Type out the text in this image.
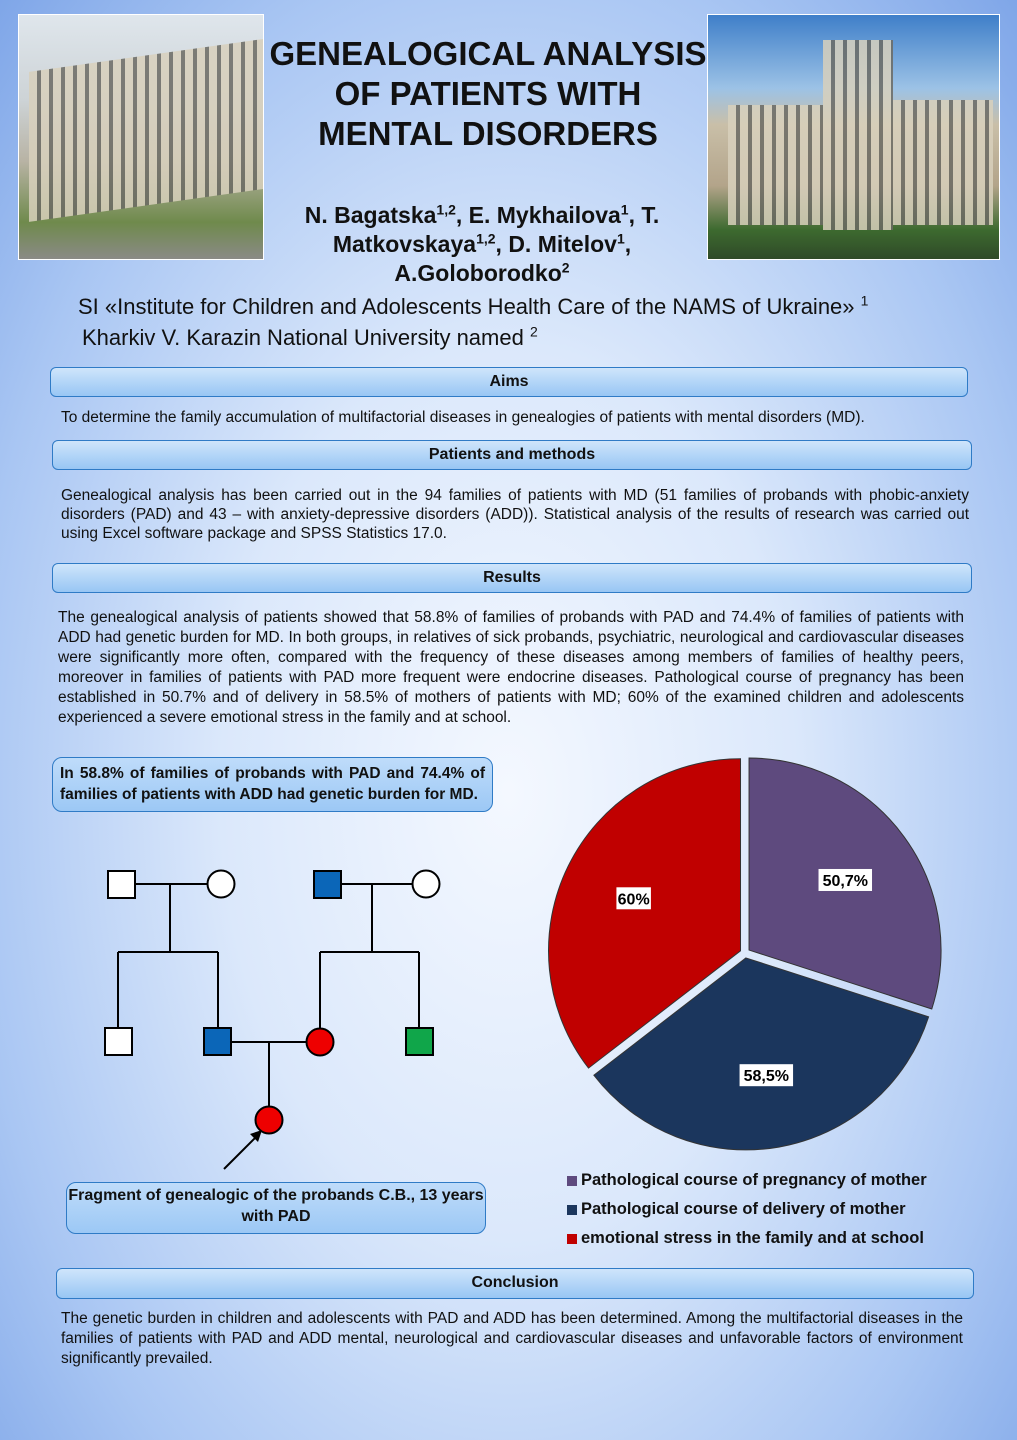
GENEALOGICAL ANALYSIS OF PATIENTS WITH MENTAL DISORDERS
N. Bagatska$^{1,2}$, E. Mykhailova$^1$, T. Matkovskaya$^{1,2}$, D. Mitelov$^1$, A.Goloborodko$^2$
SI «Institute for Children and Adolescents Health Care of the NAMS of Ukraine» $^1$
Kharkiv V. Karazin National University named $^2$
Aims
To determine the family accumulation of multifactorial diseases in genealogies of patients with mental disorders (MD).
Patients and methods
Genealogical analysis has been carried out in the 94 families of patients with MD (51 families of probands with phobic-anxiety disorders (PAD) and 43 – with anxiety-depressive disorders (ADD)). Statistical analysis of the results of research was carried out using Excel software package and SPSS Statistics 17.0.
Results
The genealogical analysis of patients showed that 58.8% of families of probands with PAD and 74.4% of families of patients with ADD had genetic burden for MD. In both groups, in relatives of sick probands, psychiatric, neurological and cardiovascular diseases were significantly more often, compared with the frequency of these diseases among members of families of healthy peers, moreover in families of patients with PAD more frequent were endocrine diseases. Pathological course of pregnancy has been established in 50.7% and of delivery in 58.5% of mothers of patients with MD; 60% of the examined children and adolescents experienced a severe emotional stress in the family and at school.
In 58.8% of families of probands with PAD and 74.4% of families of patients with ADD had genetic burden for MD.
Fragment of genealogic of the probands C.B., 13 years with PAD
50,7%
58,5%
60%
Pathological course of pregnancy of mother
Pathological course of delivery of mother
emotional stress in the family and at school
Conclusion
The genetic burden in children and adolescents with PAD and ADD has been determined. Among the multifactorial diseases in the families of patients with PAD and ADD mental, neurological and cardiovascular diseases and unfavorable factors of environment significantly prevailed.
